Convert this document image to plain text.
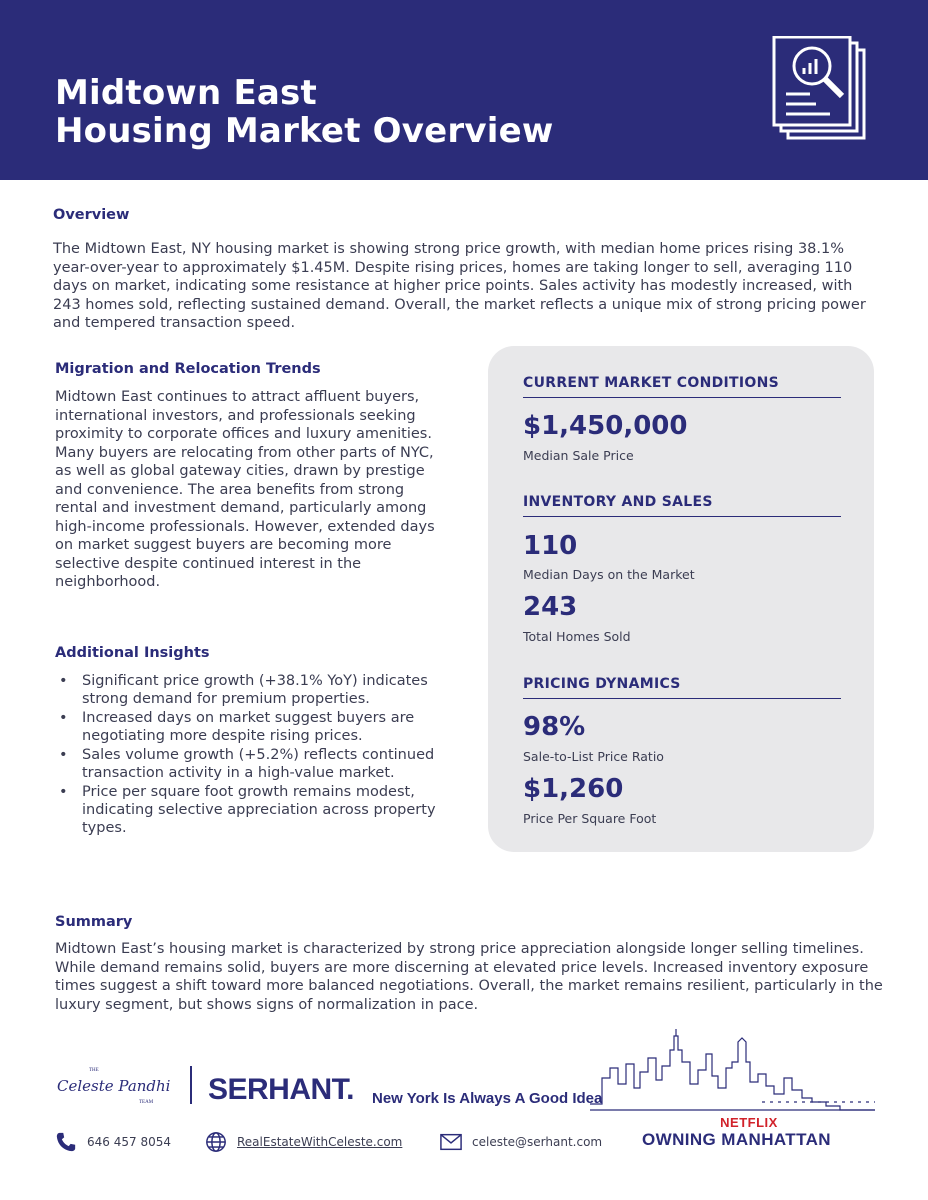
Midtown East
Housing Market Overview
Overview

The Midtown East, NY housing market is showing strong price growth, with median home prices rising 38.1% year-over-year to approximately $1.45M. Despite rising prices, homes are taking longer to sell, averaging 110 days on market, indicating some resistance at higher price points. Sales activity has modestly increased, with 243 homes sold, reflecting sustained demand. Overall, the market reflects a unique mix of strong pricing power and tempered transaction speed.

Migration and Relocation Trends

Midtown East continues to attract affluent buyers, international investors, and professionals seeking proximity to corporate offices and luxury amenities. Many buyers are relocating from other parts of NYC, as well as global gateway cities, drawn by prestige and convenience. The area benefits from strong rental and investment demand, particularly among high-income professionals. However, extended days on market suggest buyers are becoming more selective despite continued interest in the neighborhood.

Additional Insights
• Significant price growth (+38.1% YoY) indicates strong demand for premium properties.
• Increased days on market suggest buyers are negotiating more despite rising prices.
• Sales volume growth (+5.2%) reflects continued transaction activity in a high-value market.
• Price per square foot growth remains modest, indicating selective appreciation across property types.
CURRENT MARKET CONDITIONS
$1,450,000
Median Sale Price
INVENTORY AND SALES
110
Median Days on the Market
243
Total Homes Sold
PRICING DYNAMICS
98%
Sale-to-List Price Ratio
$1,260
Price Per Square Foot
Summary

Midtown East’s housing market is characterized by strong price appreciation alongside longer selling timelines. While demand remains solid, buyers are more discerning at elevated price levels. Increased inventory exposure times suggest a shift toward more balanced negotiations. Overall, the market remains resilient, particularly in the luxury segment, but shows signs of normalization in pace.

THE
Celeste Pandhi
TEAM SERHANT. New York Is Always A Good Idea
646 457 8054	RealEstateWithCeleste.com	celeste@serhant.com
NETFLIX
OWNING MANHATTAN
